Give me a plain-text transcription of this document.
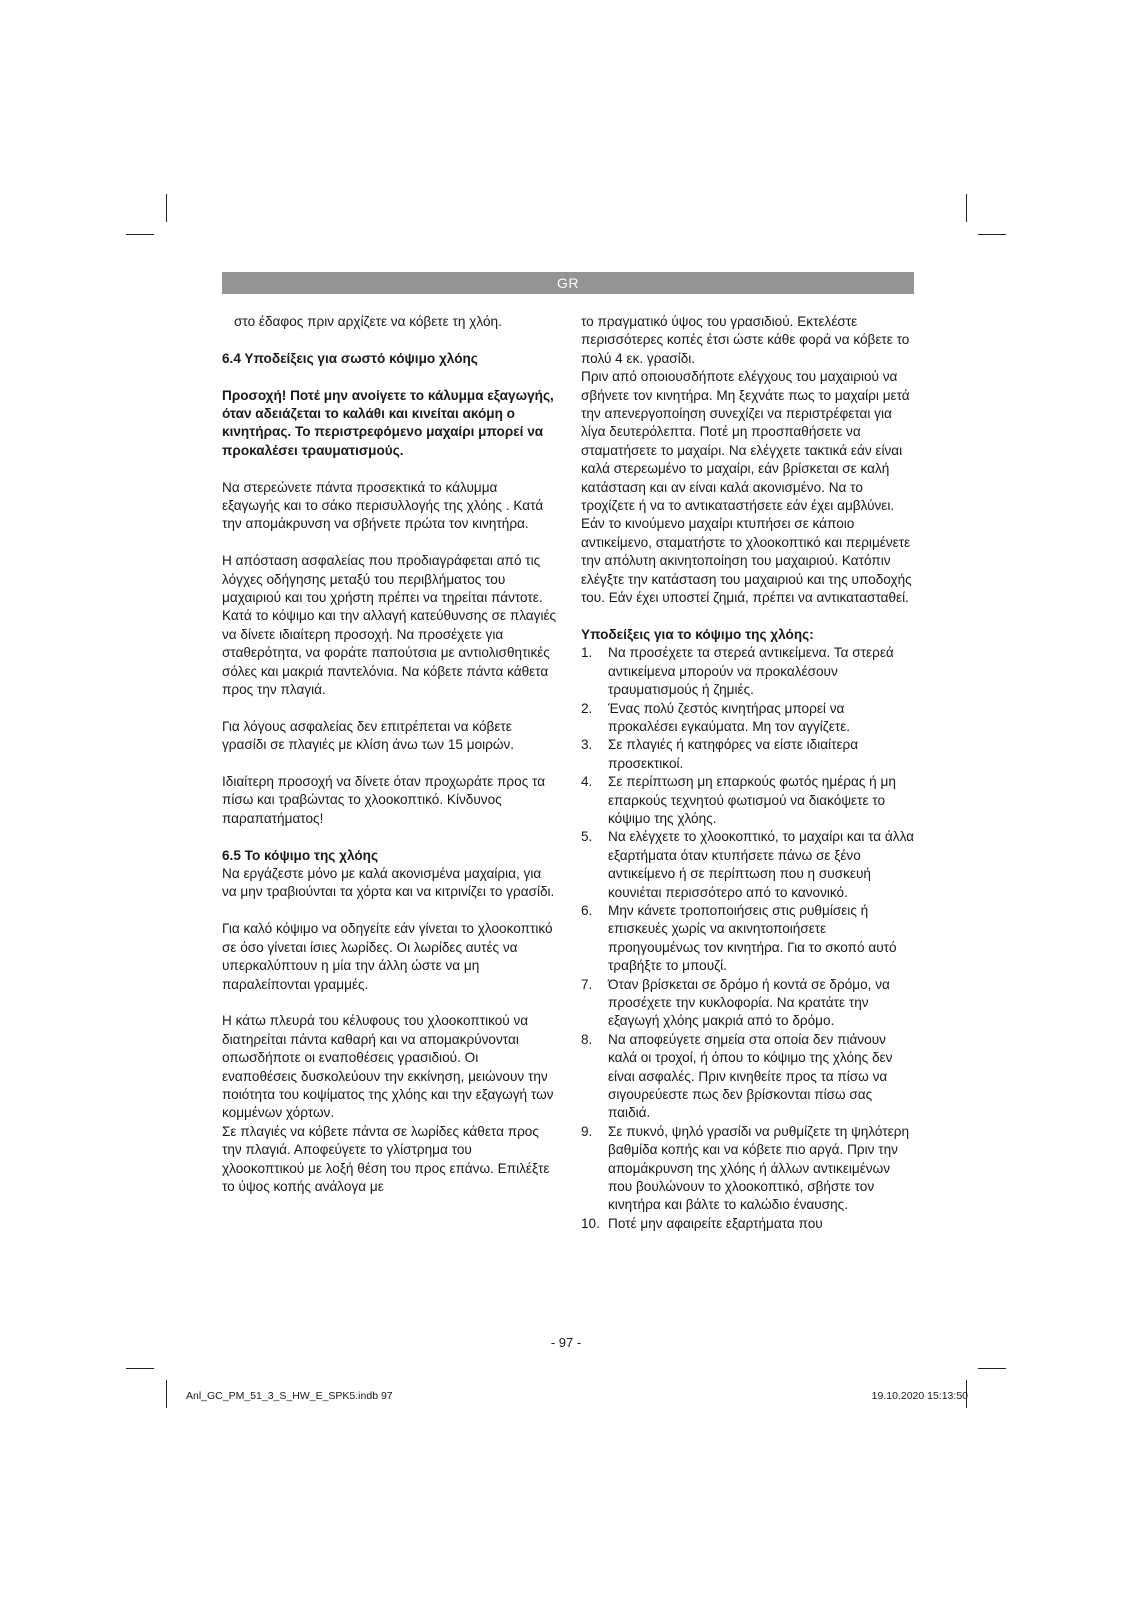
GR

στο έδαφος πριν αρχίζετε να κόβετε τη χλόη.

6.4 Υποδείξεις για σωστό κόψιμο χλόης

Προσοχή! Ποτέ μην ανοίγετε το κάλυμμα εξαγωγής, όταν αδειάζεται το καλάθι και κινείται ακόμη ο κινητήρας. Το περιστρεφόμενο μαχαίρι μπορεί να προκαλέσει τραυματισμούς.

Να στερεώνετε πάντα προσεκτικά το κάλυμμα εξαγωγής και το σάκο περισυλλογής της χλόης . Κατά την απομάκρυνση να σβήνετε πρώτα τον κινητήρα.

Η απόσταση ασφαλείας που προδιαγράφεται από τις λόγχες οδήγησης μεταξύ του περιβλήματος του μαχαιριού και του χρήστη πρέπει να τηρείται πάντοτε. Κατά το κόψιμο και την αλλαγή κατεύθυνσης σε πλαγιές να δίνετε ιδιαίτερη προσοχή. Να προσέχετε για σταθερότητα, να φοράτε παπούτσια με αντιολισθητικές σόλες και μακριά παντελόνια. Να κόβετε πάντα κάθετα προς την πλαγιά.

Για λόγους ασφαλείας δεν επιτρέπεται να κόβετε γρασίδι σε πλαγιές με κλίση άνω των 15 μοιρών.

Ιδιαίτερη προσοχή να δίνετε όταν προχωράτε προς τα πίσω και τραβώντας το χλοοκοπτικό. Κίνδυνος παραπατήματος!

6.5 Το κόψιμο της χλόης

Να εργάζεστε μόνο με καλά ακονισμένα μαχαίρια, για να μην τραβιούνται τα χόρτα και να κιτρινίζει το γρασίδι.

Για καλό κόψιμο να οδηγείτε εάν γίνεται το χλοοκοπτικό σε όσο γίνεται ίσιες λωρίδες. Οι λωρίδες αυτές να υπερκαλύπτουν η μία την άλλη ώστε να μη παραλείπονται γραμμές.

Η κάτω πλευρά του κέλυφους του χλοοκοπτικού να διατηρείται πάντα καθαρή και να απομακρύνονται οπωσδήποτε οι εναποθέσεις γρασιδιού. Οι εναποθέσεις δυσκολεύουν την εκκίνηση, μειώνουν την ποιότητα του κοψίματος της χλόης και την εξαγωγή των κομμένων χόρτων.

Σε πλαγιές να κόβετε πάντα σε λωρίδες κάθετα προς την πλαγιά. Αποφεύγετε το γλίστρημα του χλοοκοπτικού με λοξή θέση του προς επάνω. Επιλέξτε το ύψος κοπής ανάλογα με

το πραγματικό ύψος του γρασιδιού. Εκτελέστε περισσότερες κοπές έτσι ώστε κάθε φορά να κόβετε το πολύ 4 εκ. γρασίδι.

Πριν από οποιουσδήποτε ελέγχους του μαχαιριού να σβήνετε τον κινητήρα. Μη ξεχνάτε πως το μαχαίρι μετά την απενεργοποίηση συνεχίζει να περιστρέφεται για λίγα δευτερόλεπτα. Ποτέ μη προσπαθήσετε να σταματήσετε το μαχαίρι. Να ελέγχετε τακτικά εάν είναι καλά στερεωμένο το μαχαίρι, εάν βρίσκεται σε καλή κατάσταση και αν είναι καλά ακονισμένο. Να το τροχίζετε ή να το αντικαταστήσετε εάν έχει αμβλύνει. Εάν το κινούμενο μαχαίρι κτυπήσει σε κάποιο αντικείμενο, σταματήστε το χλοοκοπτικό και περιμένετε την απόλυτη ακινητοποίηση του μαχαιριού. Κατόπιν ελέγξτε την κατάσταση του μαχαιριού και της υποδοχής του. Εάν έχει υποστεί ζημιά, πρέπει να αντικατασταθεί.

Υποδείξεις για το κόψιμο της χλόης:

1.	Να προσέχετε τα στερεά αντικείμενα. Τα στερεά αντικείμενα μπορούν να προκαλέσουν τραυματισμούς ή ζημιές.
2.	Ένας πολύ ζεστός κινητήρας μπορεί να προκαλέσει εγκαύματα. Μη τον αγγίζετε.
3.	Σε πλαγιές ή κατηφόρες να είστε ιδιαίτερα προσεκτικοί.
4.	Σε περίπτωση μη επαρκούς φωτός ημέρας ή μη επαρκούς τεχνητού φωτισμού να διακόψετε το κόψιμο της χλόης.
5.	Να ελέγχετε το χλοοκοπτικό, το μαχαίρι και τα άλλα εξαρτήματα όταν κτυπήσετε πάνω σε ξένο αντικείμενο ή σε περίπτωση που η συσκευή κουνιέται περισσότερο από το κανονικό.
6.	Μην κάνετε τροποποιήσεις στις ρυθμίσεις ή επισκευές χωρίς να ακινητοποιήσετε προηγουμένως τον κινητήρα. Για το σκοπό αυτό τραβήξτε το μπουζί.
7.	Όταν βρίσκεται σε δρόμο ή κοντά σε δρόμο, να προσέχετε την κυκλοφορία. Να κρατάτε την εξαγωγή χλόης μακριά από το δρόμο.
8.	Να αποφεύγετε σημεία στα οποία δεν πιάνουν καλά οι τροχοί, ή όπου το κόψιμο της χλόης δεν είναι ασφαλές. Πριν κινηθείτε προς τα πίσω να σιγουρεύεστε πως δεν βρίσκονται πίσω σας παιδιά.
9.	Σε πυκνό, ψηλό γρασίδι να ρυθμίζετε τη ψηλότερη βαθμίδα κοπής και να κόβετε πιο αργά. Πριν την απομάκρυνση της χλόης ή άλλων αντικειμένων που βουλώνουν το χλοοκοπτικό, σβήστε τον κινητήρα και βάλτε το καλώδιο έναυσης.
10. Ποτέ μην αφαιρείτε εξαρτήματα που
- 97 -
Anl_GC_PM_51_3_S_HW_E_SPK5.indb 97	19.10.2020 15:13:50
